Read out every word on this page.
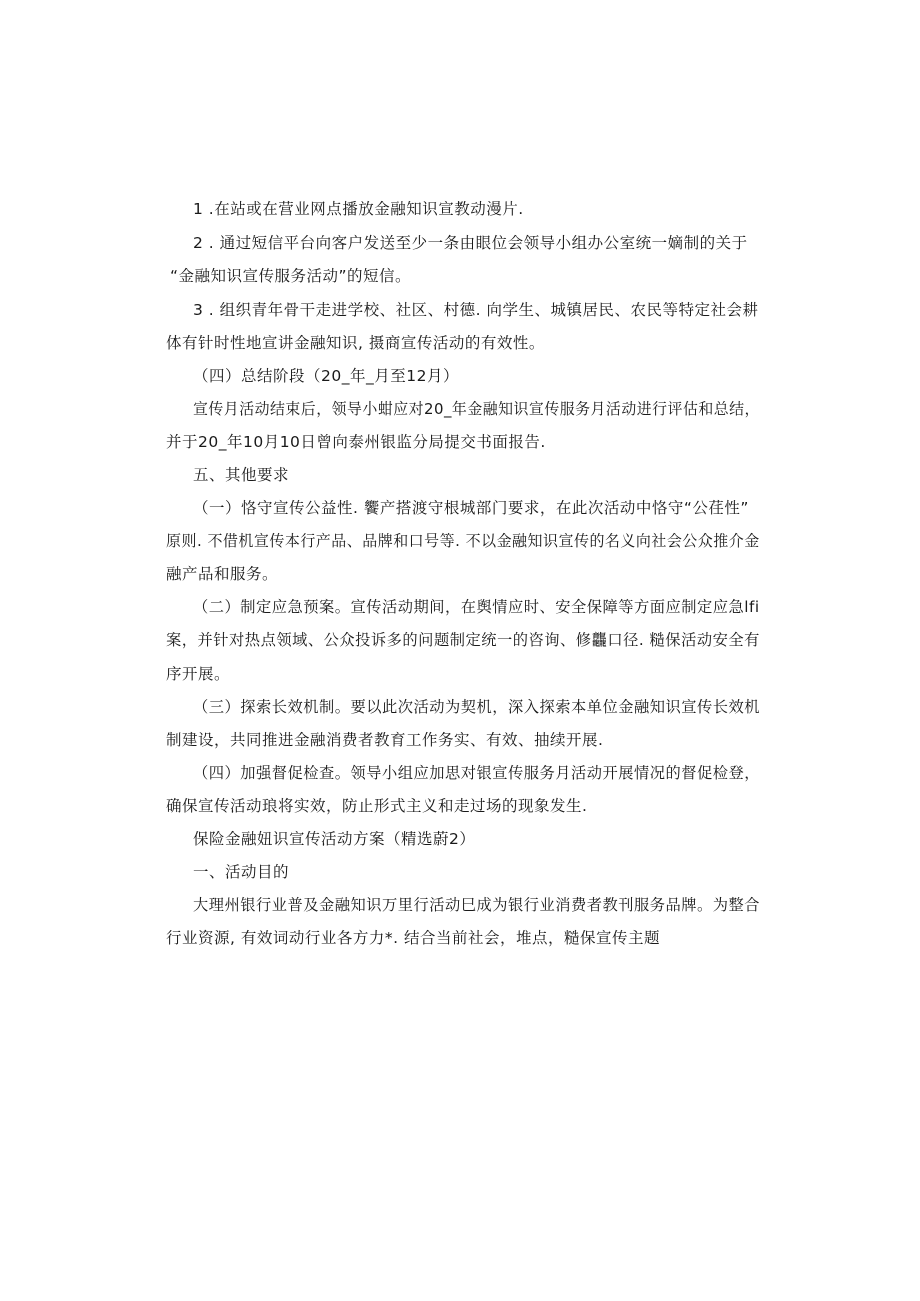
1 .在站或在营业网点播放金融知识宣教动漫片.
2 . 通过短信平台向客户发送至少一条由眼位会领导小组办公室统一嫡制的关于
“金融知识宣传服务活动”的短信。
3 . 组织青年骨干走进学校、社区、村德. 向学生、城镇居民、农民等特定社会耕
体有针时性地宣讲金融知识, 摄商宣传活动的有效性。
（四）总结阶段（20_年_月至12月）
宣传月活动结束后，领导小蚶应对20_年金融知识宣传服务月活动进行评估和总结，
并于20_年10月10日曾向泰州银监分局提交书面报告.
五、其他要求
（一）恪守宣传公益性. 饗产搭渡守根城部门要求，在此次活动中恪守“公荏性”
原则. 不借机宣传本行产品、品牌和口号等. 不以金融知识宣传的名义向社会公众推介金
融产品和服务。
（二）制定应急预案。宣传活动期间，在舆情应时、安全保障等方面应制定应急lfi
案，并针对热点领域、公众投诉多的问题制定统一的咨询、修龘口径. 糙保活动安全有
序开展。
（三）探索长效机制。要以此次活动为契机，深入探索本单位金融知识宣传长效机
制建设，共同推进金融消费者教育工作务实、有效、抽续开展.
（四）加强督促检查。领导小组应加思对银宣传服务月活动开展情况的督促检登，
确保宣传活动琅将实效，防止形式主义和走过场的现象发生.
保险金融妞识宣传活动方案（精选蔚2）
一、活动目的
大理州银行业普及金融知识万里行活动巳成为银行业消费者教刊服务品牌。为整合
行业资源, 有效词动行业各方力*. 结合当前社会，堆点，糙保宣传主题
